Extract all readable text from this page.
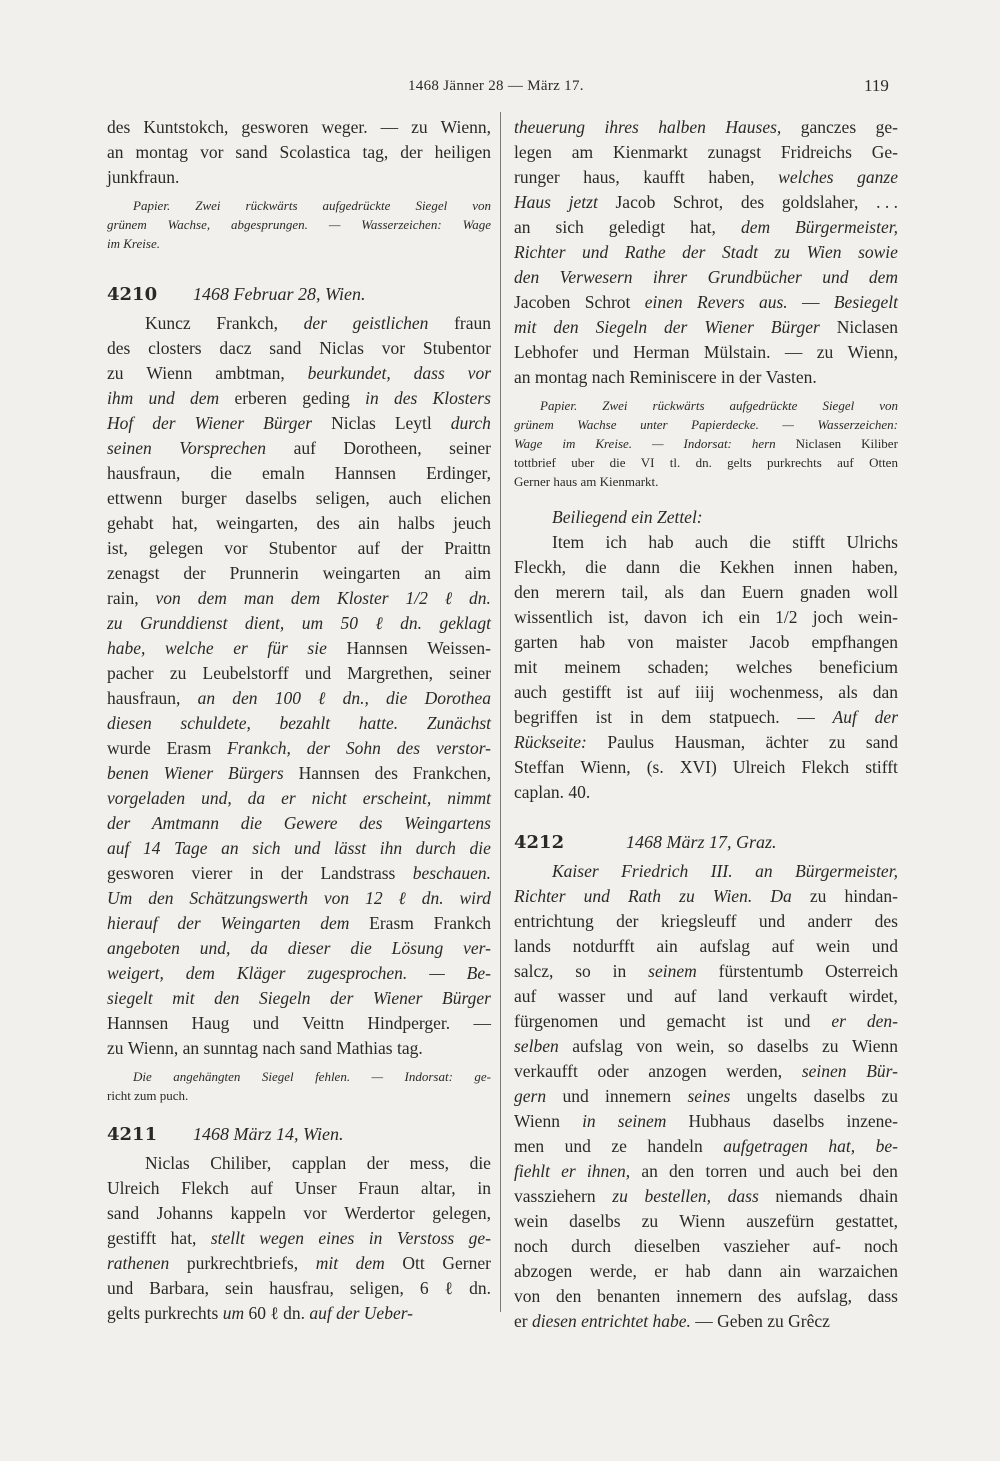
1468 Jänner 28 — März 17.	119
des Kuntstokch, gesworen weger. — zu Wienn,
an montag vor sand Scolastica tag, der heiligen
junkfraun.
Papier. Zwei rückwärts aufgedrückte Siegel von
grünem Wachse, abgesprungen. — Wasserzeichen: Wage
im
Kreise.
4210 1468 Februar 28, Wien.
Kuncz Frankch, der geistlichen fraun
des closters dacz sand Niclas vor Stubentor
zu Wienn ambtman, beurkundet, dass vor
ihm und dem erberen geding in des Klosters
Hof der Wiener Bürger Niclas Leytl durch
seinen Vorsprechen auf Dorotheen, seiner
hausfraun, die emaln Hannsen Erdinger,
ettwenn burger daselbs seligen, auch elichen
gehabt hat, weingarten, des ain halbs jeuch
ist, gelegen vor Stubentor auf der Praittn
zenagst der Prunnerin weingarten an aim
rain, von dem man dem Kloster 1/2 ℓ dn.
zu Grunddienst dient, um 50 ℓ dn. geklagt
habe, welche er für sie Hannsen Weissen-
pacher zu Leubelstorff und Margrethen, seiner
hausfraun, an den 100 ℓ dn., die Dorothea
diesen schuldete, bezahlt hatte. Zunächst
wurde Erasm Frankch, der Sohn des verstor-
benen Wiener Bürgers Hannsen des Frankchen,
vorgeladen und, da er nicht erscheint, nimmt
der Amtmann die Gewere des Weingartens
auf 14 Tage an sich und lässt ihn durch die
gesworen vierer in der Landstrass beschauen.
Um den Schätzungswerth von 12 ℓ dn. wird
hierauf der Weingarten dem Erasm Frankch
angeboten und, da dieser die Lösung ver-
weigert, dem Kläger zugesprochen. — Be-
siegelt mit den Siegeln der Wiener Bürger
Hannsen Haug und Veittn Hindperger. —
zu
Wienn,
an
sunntag
nach
sand
Mathias
tag.
Die angehängten Siegel fehlen. — Indorsat: ge-
richt
zum
puch.
4211 1468 März 14, Wien.
Niclas Chiliber, capplan der mess, die
Ulreich Flekch auf Unser Fraun altar, in
sand Johanns kappeln vor Werdertor gelegen,
gestifft hat, stellt wegen eines in Verstoss ge-
rathenen purkrechtbriefs, mit dem Ott Gerner
und Barbara, sein hausfrau, seligen, 6 ℓ dn.
gelts
purkrechts
um
60
ℓ
dn.
auf
der
Ueber-
theuerung ihres halben Hauses, ganczes ge-
legen am Kienmarkt zunagst Fridreichs Ge-
runger haus, kaufft haben, welches ganze
Haus jetzt Jacob Schrot, des goldslaher, . . .
an sich geledigt hat, dem Bürgermeister,
Richter und Rathe der Stadt zu Wien sowie
den Verwesern ihrer Grundbücher und dem
Jacoben Schrot einen Revers aus. — Besiegelt
mit den Siegeln der Wiener Bürger Niclasen
Lebhofer und Herman Mülstain. — zu Wienn,
an
montag
nach
Reminiscere
in
der
Vasten.
Papier. Zwei rückwärts aufgedrückte Siegel von
grünem Wachse unter Papierdecke. — Wasserzeichen:
Wage im Kreise. — Indorsat: hern Niclasen Kiliber
tottbrief uber die VI tl. dn. gelts purkrechts auf Otten
Gerner
haus
am
Kienmarkt.
Beiliegend ein Zettel:
Item ich hab auch die stifft Ulrichs
Fleckh, die dann die Kekhen innen haben,
den merern tail, als dan Euern gnaden woll
wissentlich ist, davon ich ein 1/2 joch wein-
garten hab von maister Jacob empfhangen
mit meinem schaden; welches beneficium
auch gestifft ist auf iiij wochenmess, als dan
begriffen ist in dem statpuech. — Auf der
Rückseite: Paulus Hausman, ächter zu sand
Steffan Wienn, (s. XVI) Ulreich Flekch stifft
caplan.
40.
4212	1468 März 17, Graz.
Kaiser Friedrich III. an Bürgermeister,
Richter und Rath zu Wien. Da zu hindan-
entrichtung der kriegsleuff und anderr des
lands notdurfft ain aufslag auf wein und
salcz, so in seinem fürstentumb Osterreich
auf wasser und auf land verkauft wirdet,
fürgenomen und gemacht ist und er den-
selben aufslag von wein, so daselbs zu Wienn
verkaufft oder anzogen werden, seinen Bür-
gern und innemern seines ungelts daselbs zu
Wienn in seinem Hubhaus daselbs inzene-
men und ze handeln aufgetragen hat, be-
fiehlt er ihnen, an den torren und auch bei den
vassziehern zu bestellen, dass niemands dhain
wein daselbs zu Wienn auszefürn gestattet,
noch durch dieselben vaszieher auf- noch
abzogen werde, er hab dann ain warzaichen
von den benanten innemern des aufslag, dass
er
diesen
entrichtet
habe.
—
Geben
zu
Grêcz
